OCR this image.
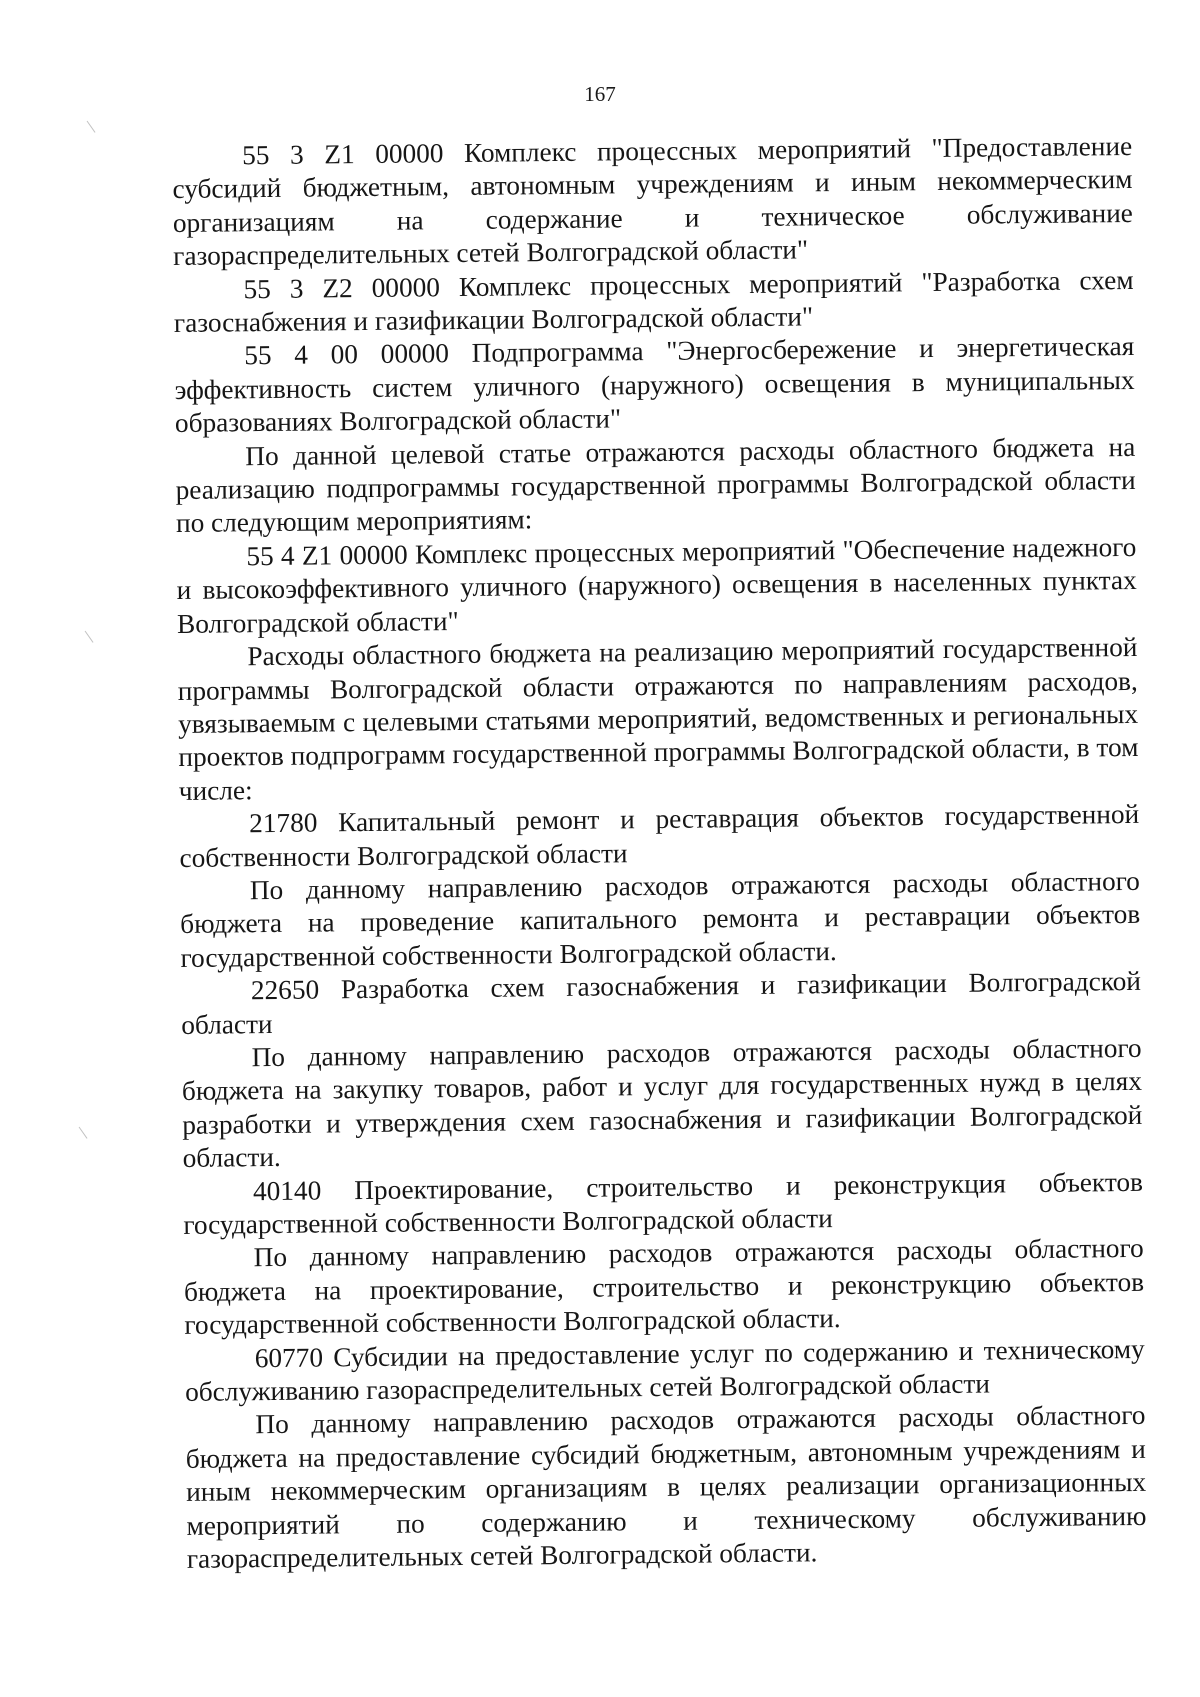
167

55 3 Z1 00000 Комплекс процессных мероприятий "Предоставление субсидий бюджетным, автономным учреждениям и иным некоммерческим организациям на содержание и техническое обслуживание газораспределительных сетей Волгоградской области"

55 3 Z2 00000 Комплекс процессных мероприятий "Разработка схем газоснабжения и газификации Волгоградской области"

55 4 00 00000 Подпрограмма "Энергосбережение и энергетическая эффективность систем уличного (наружного) освещения в муниципальных образованиях Волгоградской области"

По данной целевой статье отражаются расходы областного бюджета на реализацию подпрограммы государственной программы Волгоградской области по следующим мероприятиям:

55 4 Z1 00000 Комплекс процессных мероприятий "Обеспечение надежного и высокоэффективного уличного (наружного) освещения в населенных пунктах Волгоградской области"

Расходы областного бюджета на реализацию мероприятий государственной программы Волгоградской области отражаются по направлениям расходов, увязываемым с целевыми статьями мероприятий, ведомственных и региональных проектов подпрограмм государственной программы Волгоградской области, в том числе:

21780 Капитальный ремонт и реставрация объектов государственной собственности Волгоградской области

По данному направлению расходов отражаются расходы областного бюджета на проведение капитального ремонта и реставрации объектов государственной собственности Волгоградской области.

22650 Разработка схем газоснабжения и газификации Волгоградской области

По данному направлению расходов отражаются расходы областного бюджета на закупку товаров, работ и услуг для государственных нужд в целях разработки и утверждения схем газоснабжения и газификации Волгоградской области.

40140 Проектирование, строительство и реконструкция объектов государственной собственности Волгоградской области

По данному направлению расходов отражаются расходы областного бюджета на проектирование, строительство и реконструкцию объектов государственной собственности Волгоградской области.

60770 Субсидии на предоставление услуг по содержанию и техническому обслуживанию газораспределительных сетей Волгоградской области

По данному направлению расходов отражаются расходы областного бюджета на предоставление субсидий бюджетным, автономным учреждениям и иным некоммерческим организациям в целях реализации организационных мероприятий по содержанию и техническому обслуживанию газораспределительных сетей Волгоградской области.
